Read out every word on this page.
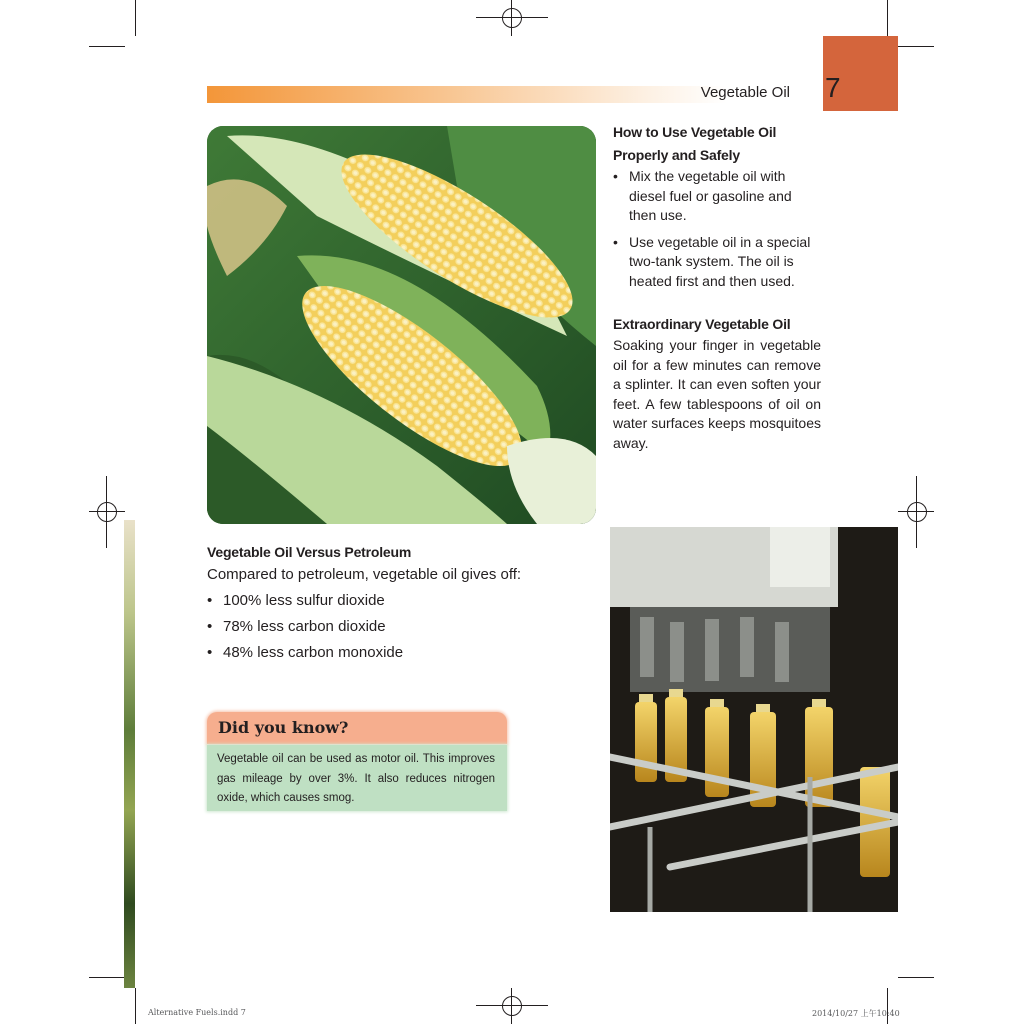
Vegetable Oil 7
How to Use Vegetable Oil
Properly and Safely
• Mix the vegetable oil with diesel fuel or gasoline and then use.
• Use vegetable oil in a special two-tank system. The oil is heated first and then used.
Extraordinary Vegetable Oil

Soaking your finger in vegetable oil for a few minutes can remove a splinter. It can even soften your feet. A few tablespoons of oil on water surfaces keeps mosquitoes away.

Vegetable Oil Versus Petroleum

Compared to petroleum, vegetable oil gives off:

• 100% less sulfur dioxide
• 78% less carbon dioxide
• 48% less carbon monoxide
Did you know?

Vegetable oil can be used as motor oil. This improves gas mileage by over 3%. It also reduces nitrogen oxide, which causes smog.

Alternative Fuels.indd 7	2014/10/27 上午10:40
